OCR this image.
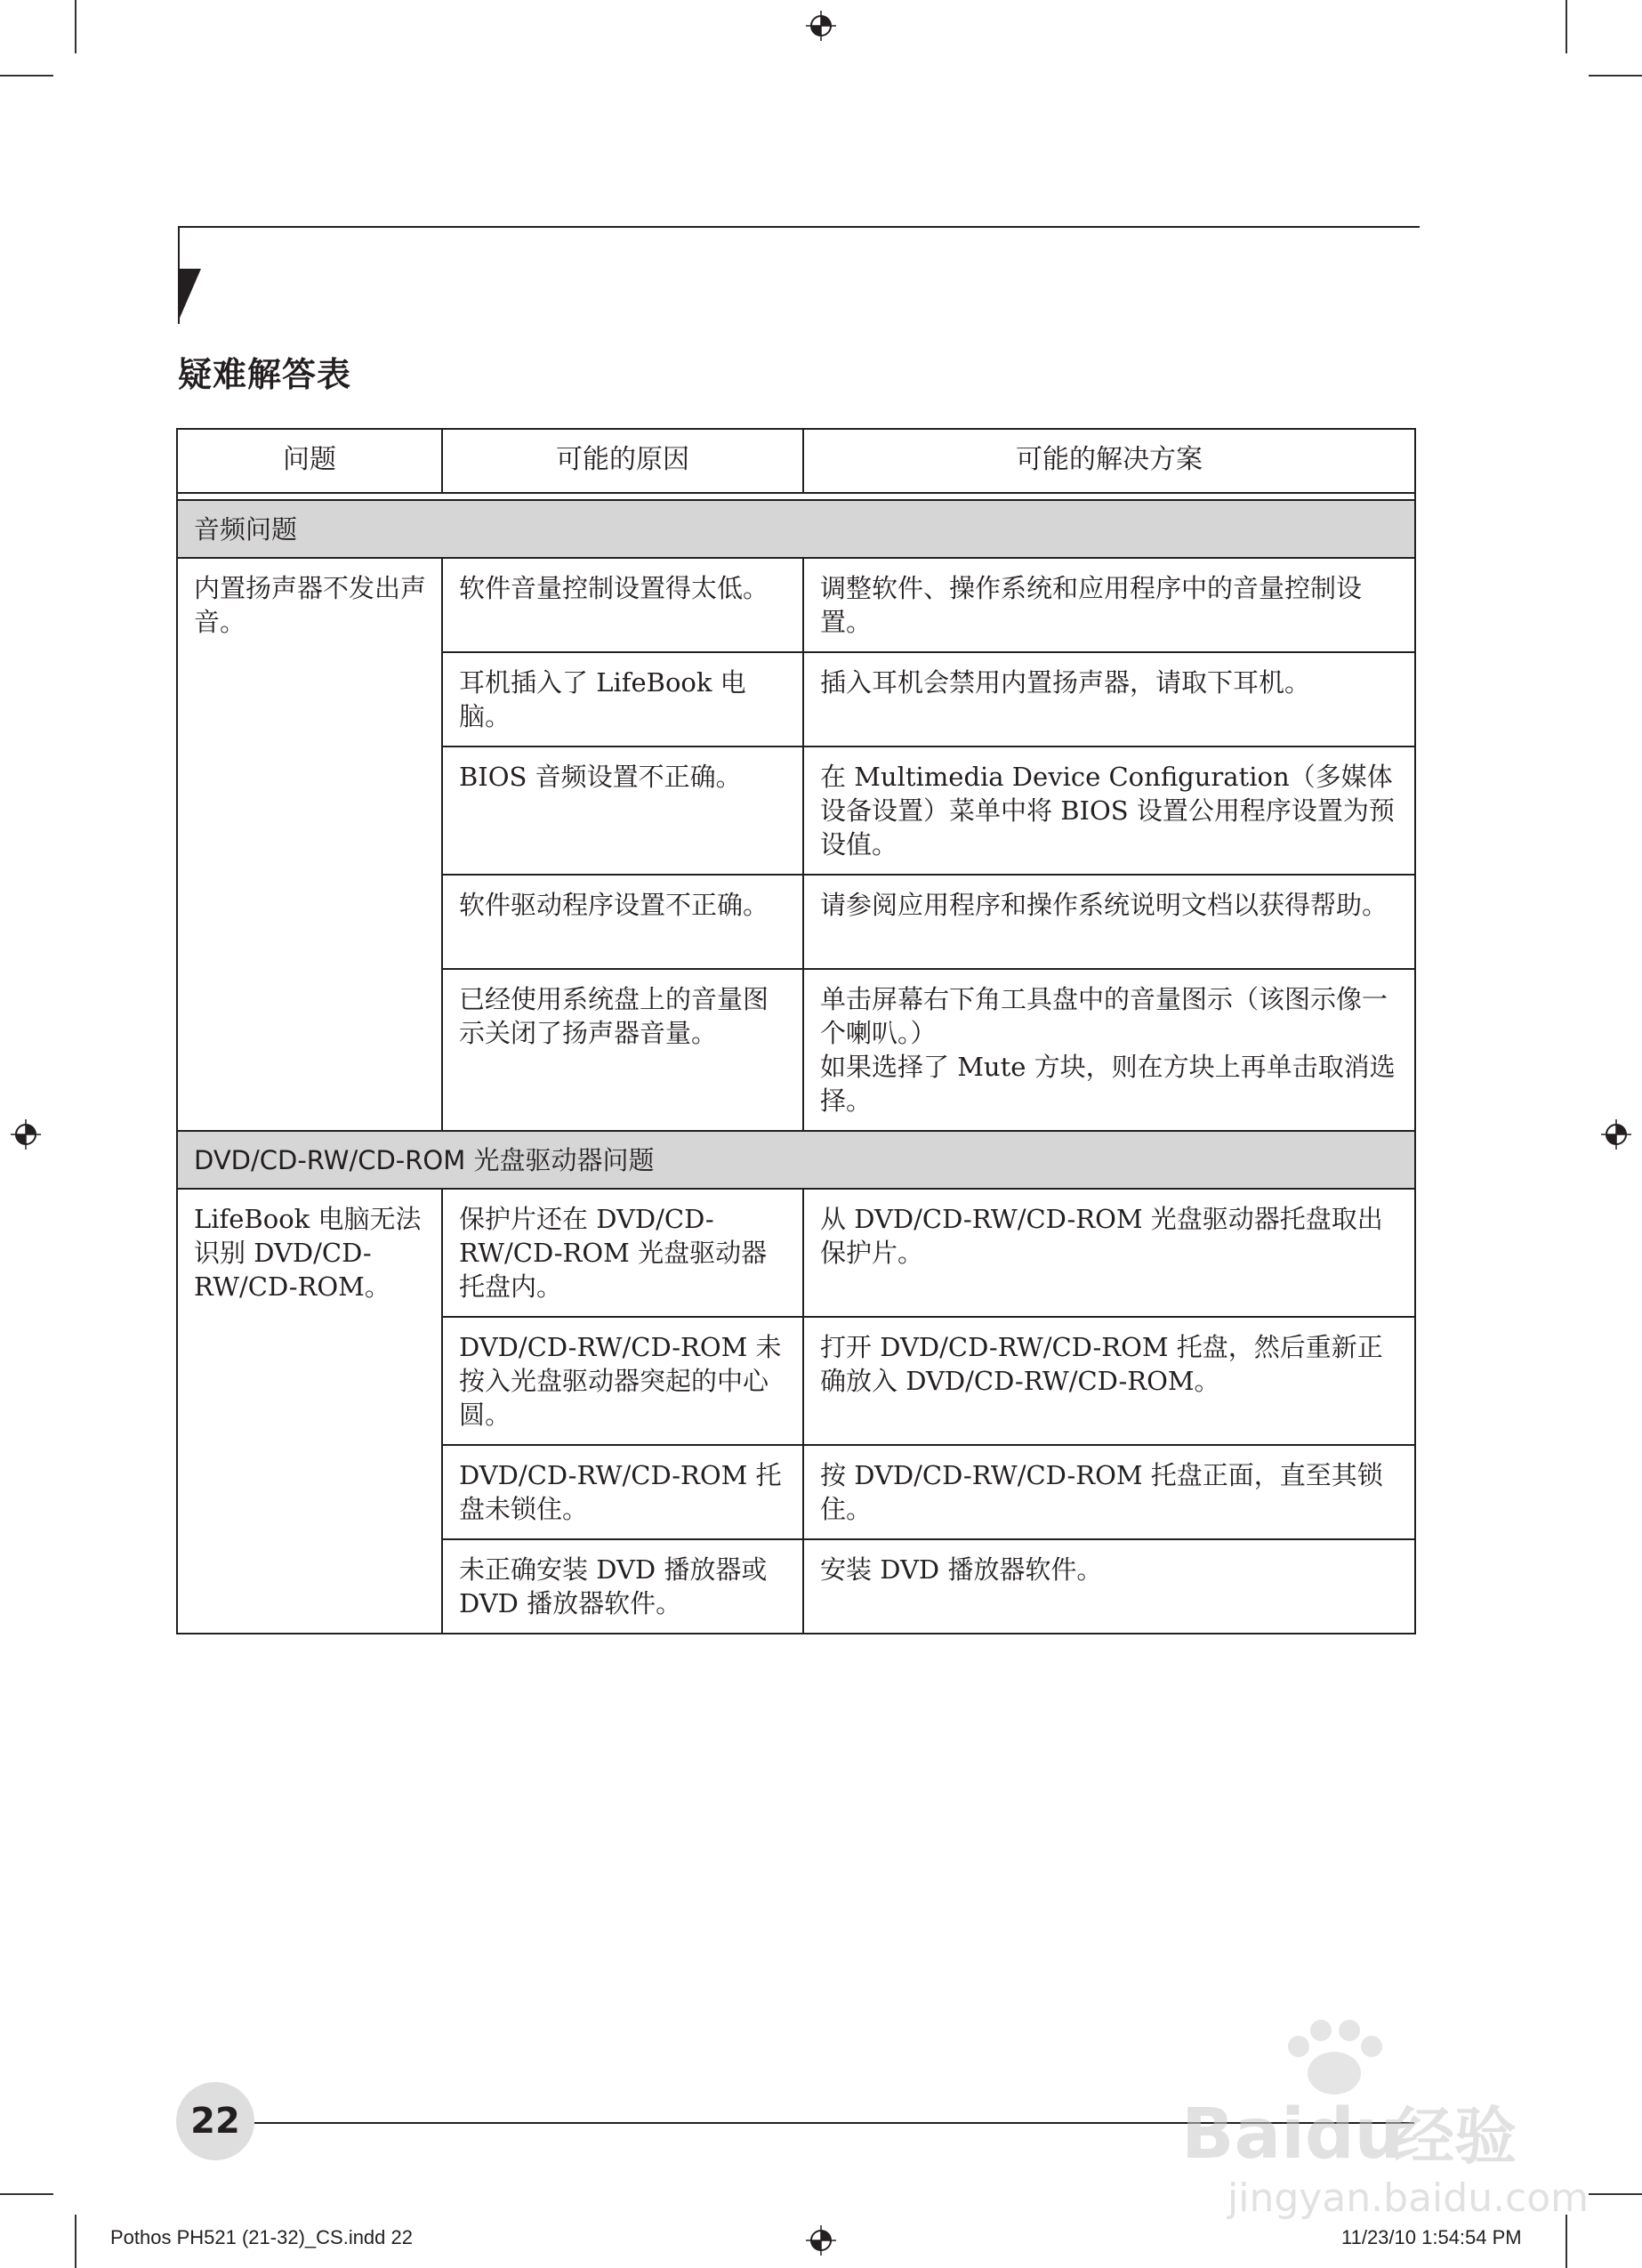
疑难解答表
问题	可能的原因	可能的解决方案

音频问题		
内置扬声器不发出声音。	软件音量控制设置得太低。	调整软件、操作系统和应用程序中的音量控制设置。
	耳机插入了 LifeBook 电脑。	插入耳机会禁用内置扬声器，请取下耳机。
	BIOS 音频设置不正确。	在 Multimedia Device Configuration（多媒体设备设置）菜单中将 BIOS 设置公用程序设置为预设值。
	软件驱动程序设置不正确。	请参阅应用程序和操作系统说明文档以获得帮助。
	已经使用系统盘上的音量图示关闭了扬声器音量。	单击屏幕右下角工具盘中的音量图示（该图示像一个喇叭。）
如果选择了 Mute 方块，则在方块上再单击取消选择。

DVD/CD-RW/CD-ROM 光盘驱动器问题		
LifeBook 电脑无法识别 DVD/CD-RW/CD-ROM。	保护片还在 DVD/CD-RW/CD-ROM 光盘驱动器托盘内。	从 DVD/CD-RW/CD-ROM 光盘驱动器托盘取出保护片。
	DVD/CD-RW/CD-ROM 未按入光盘驱动器突起的中心圆。	打开 DVD/CD-RW/CD-ROM 托盘，然后重新正确放入 DVD/CD-RW/CD-ROM。
	DVD/CD-RW/CD-ROM 托盘未锁住。	按 DVD/CD-RW/CD-ROM 托盘正面，直至其锁住。
	未正确安装 DVD 播放器或 DVD 播放器软件。	安装 DVD 播放器软件。
22	Baidu
经验
jingyan.baidu.com
Pothos PH521 (21-32)_CS.indd 22	11/23/10 1:54:54 PM
